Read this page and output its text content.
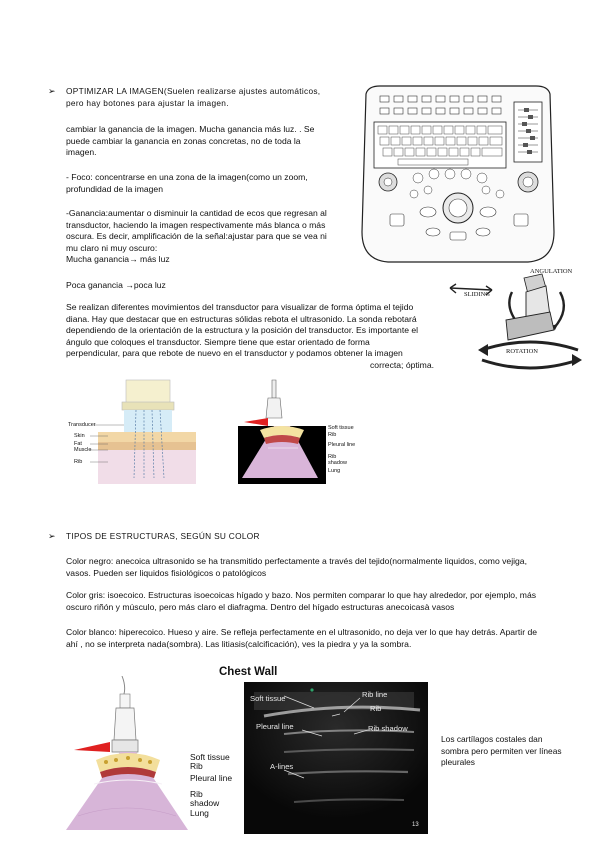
➢ OPTIMIZAR LA IMAGEN(Suelen realizarse ajustes automáticos,
pero hay botones para ajustar la imagen.
cambiar la ganancia de la imagen. Mucha ganancia más luz. . Se
puede cambiar la ganancia en zonas concretas, no de toda la
imagen.
- Foco: concentrarse en una zona de la imagen(como un zoom,
profundidad de la imagen
-Ganancia:aumentar o disminuir la cantidad de ecos que regresan al
transductor, haciendo la imagen respectivamente más blanca o más
oscura. Es decir, amplificación de la señal:ajustar para que se vea ni
mu claro ni muy oscuro:
Mucha ganancia→ más luz
Poca ganancia →poca luz
Se realizan diferentes movimientos del transductor para visualizar de forma óptima el tejido
diana. Hay que destacar que en estructuras sólidas rebota el ultrasonido. La sonda rebotará
dependiendo de la orientación de la estructura y la posición del transductor. Es importante el
ángulo que coloques el transductor. Siempre tiene que estar orientado de forma
perpendicular, para que rebote de nuevo en el transductor y podamos obtener la imagen
correcta; óptima.
ANGULATION
SLIDING
ROTATION
Transducer
Skin
Fat
Muscle
Rib
Soft tissue
Rib
Pleural line
Rib
shadow
Lung
➢ TIPOS DE ESTRUCTURAS, SEGÚN SU COLOR
Color negro: anecoica ultrasonido se ha transmitido perfectamente a través del tejido(normalmente liquidos, como vejiga,
vasos. Pueden ser liquidos fisiológicos o patológicos
Color gris: isoecoico. Estructuras isoecoicas hígado y bazo. Nos permiten comparar lo que hay alrededor, por ejemplo, más
oscuro riñón y músculo, pero más claro el diafragma. Dentro del hígado estructuras anecoicasà vasos
Color blanco: hiperecoico. Hueso y aire. Se refleja perfectamente en el ultrasonido, no deja ver lo que hay detrás. Apartir de
ahí , no se interpreta nada(sombra). Las litiasis(calcificación), ves la piedra y ya la sombra.
Soft tissue
Rib
Pleural line
Rib
shadow
Lung
Chest Wall
Soft tissue	Rib line
Rib
Pleural line	Rib shadow
A-lines
13
Los cartílagos costales dan
sombra pero permiten ver líneas
pleurales
